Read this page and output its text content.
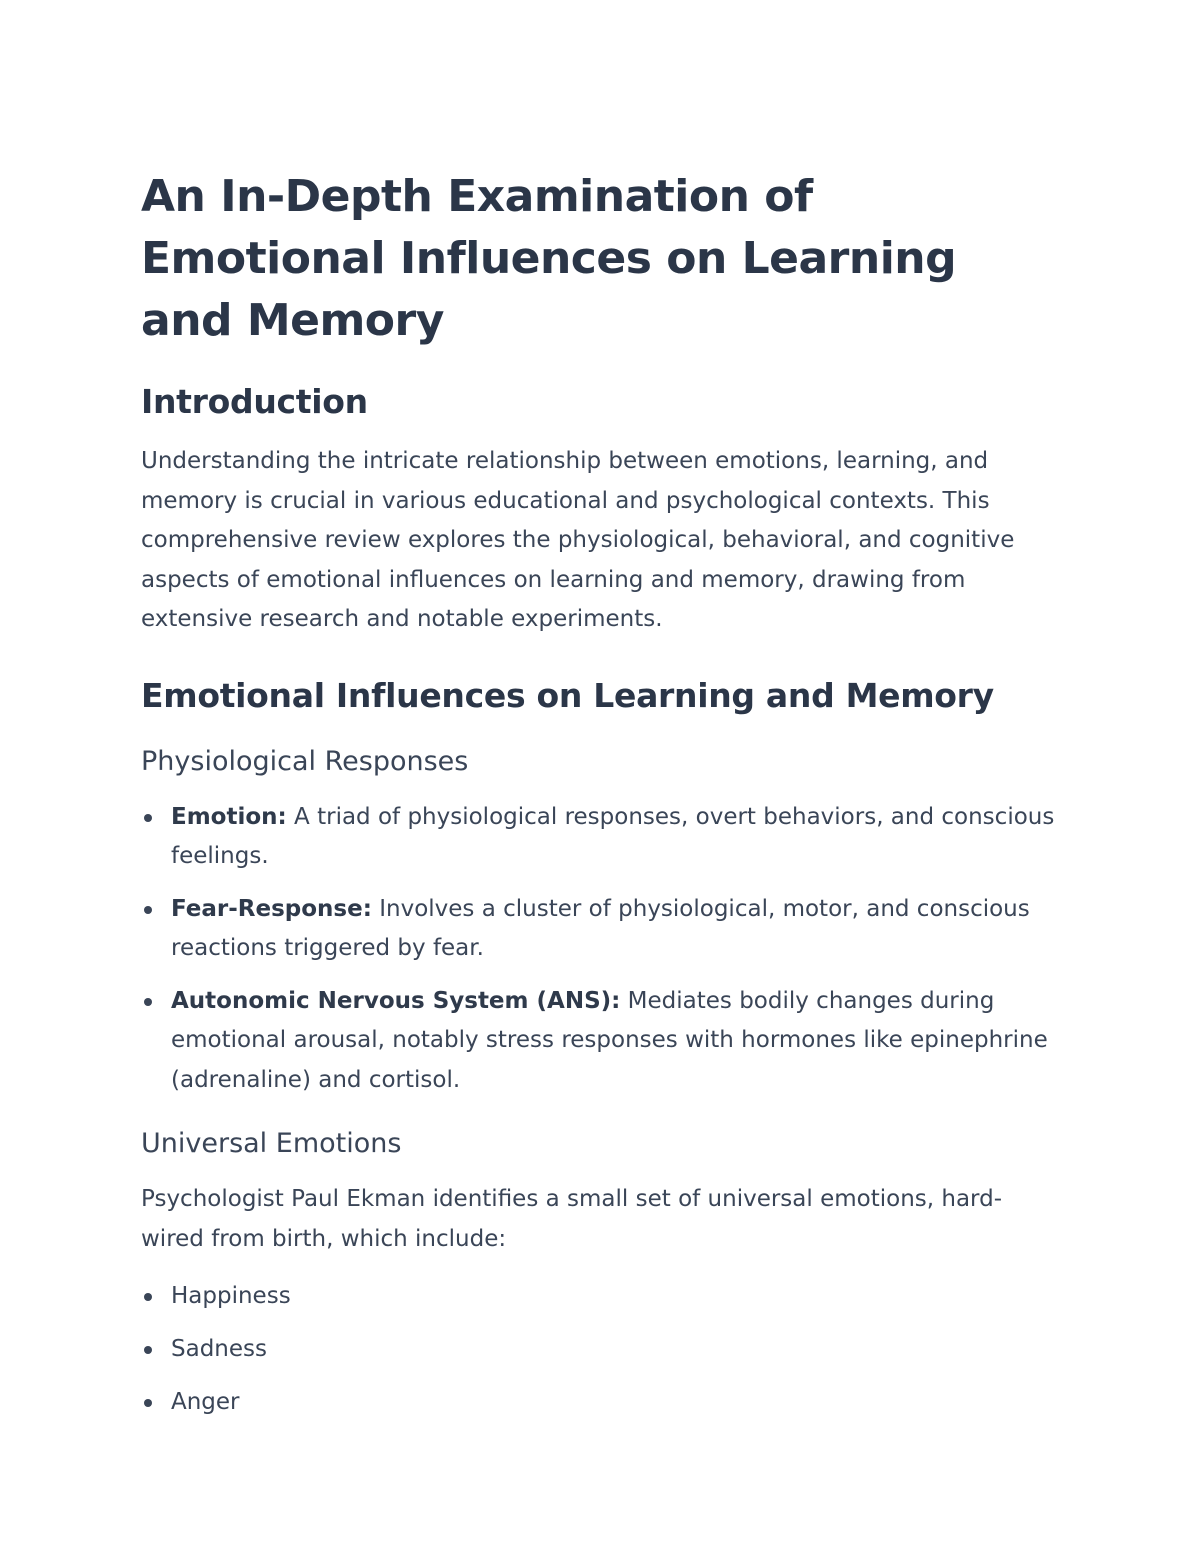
An In-Depth Examination of Emotional Influences on Learning and Memory
Introduction

Understanding the intricate relationship between emotions, learning, and memory is crucial in various educational and psychological contexts. This comprehensive review explores the physiological, behavioral, and cognitive aspects of emotional influences on learning and memory, drawing from extensive research and notable experiments.

Emotional Influences on Learning and Memory
Physiological Responses
Emotion: A triad of physiological responses, overt behaviors, and conscious feelings.
Fear-Response: Involves a cluster of physiological, motor, and conscious reactions triggered by fear.
Autonomic Nervous System (ANS): Mediates bodily changes during emotional arousal, notably stress responses with hormones like epinephrine (adrenaline) and cortisol.
Universal Emotions

Psychologist Paul Ekman identifies a small set of universal emotions, hard-wired from birth, which include:

Happiness
Sadness
Anger
